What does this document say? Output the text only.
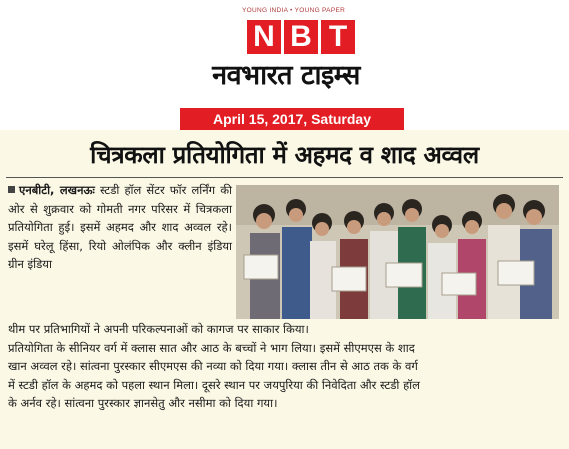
YOUNG INDIA • YOUNG PAPER
N B T
नवभारत टाइम्स
April 15, 2017, Saturday
चित्रकला प्रतियोगिता में अहमद व शाद अव्वल
एनबीटी, लखनऊः स्टडी हॉल सेंटर फॉर लर्निंग की ओर से शुक्रवार को गोमती नगर परिसर में चित्रकला प्रतियोगिता हुई। इसमें अहमद और शाद अव्वल रहे। इसमें घरेलू हिंसा, रियो ओलंपिक और क्लीन इंडिया ग्रीन इंडिया
थीम पर प्रतिभागियों ने अपनी परिकल्पनाओं को कागज पर साकार किया।
प्रतियोगिता के सीनियर वर्ग में क्लास सात और आठ के बच्चों ने भाग लिया। इसमें सीएमएस के शाद
खान अव्वल रहे। सांत्वना पुरस्कार सीएमएस की नव्या को दिया गया। क्लास तीन से आठ तक के वर्ग
में स्टडी हॉल के अहमद को पहला स्थान मिला। दूसरे स्थान पर जयपुरिया की निवेदिता और स्टडी हॉल
के अर्नव रहे। सांत्वना पुरस्कार ज्ञानसेतु और नसीमा को दिया गया।
